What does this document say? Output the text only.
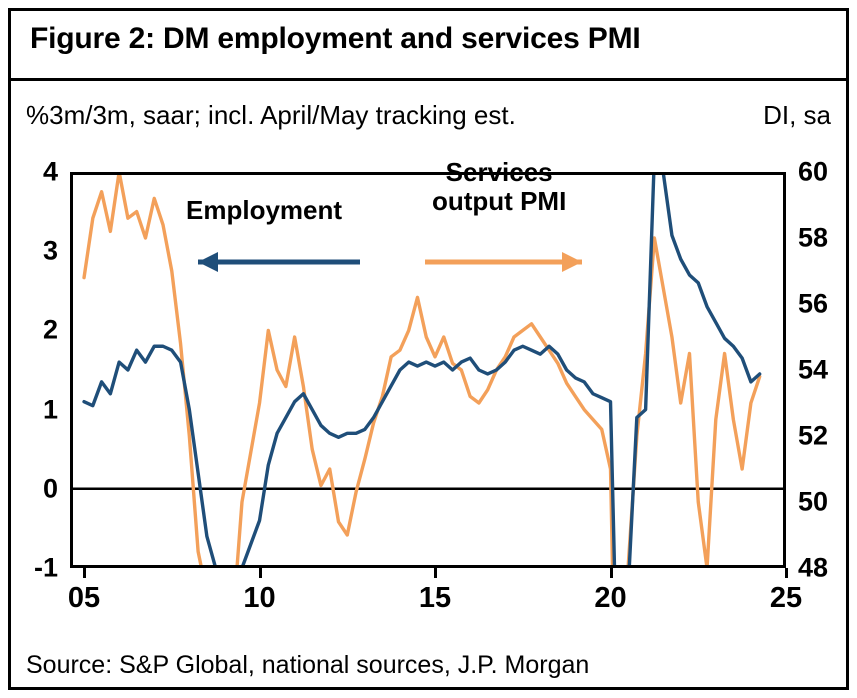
Figure 2: DM employment and services PMI
%3m/3m, saar; incl. April/May tracking est.	DI, sa
-1
0
1
2
3
4
48
50
52
54
56
58
60
05	10	15	20	25
Employment
Services
output PMI
Source: S&P Global, national sources, J.P. Morgan
